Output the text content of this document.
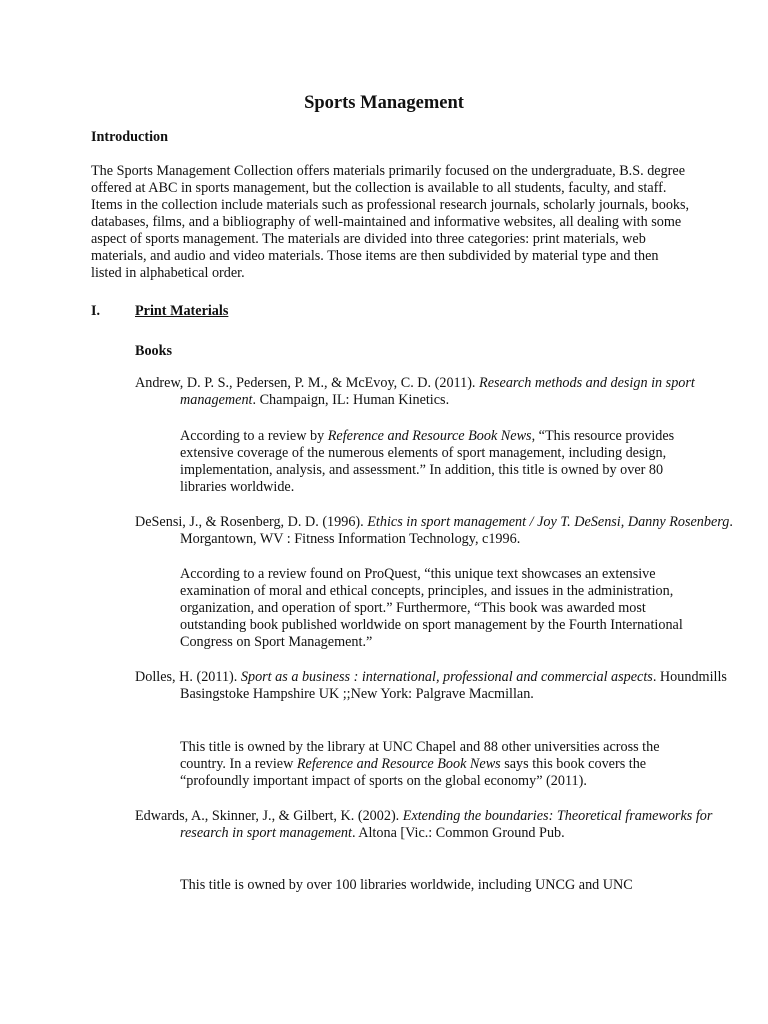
Sports Management

Introduction

The Sports Management Collection offers materials primarily focused on the undergraduate, B.S. degree offered at ABC in sports management, but the collection is available to all students, faculty, and staff. Items in the collection include materials such as professional research journals, scholarly journals, books, databases, films, and a bibliography of well-maintained and informative websites, all dealing with some aspect of sports management. The materials are divided into three categories: print materials, web materials, and audio and video materials. Those items are then subdivided by material type and then listed in alphabetical order.

I. Print Materials

Books

Andrew, D. P. S., Pedersen, P. M., & McEvoy, C. D. (2011). Research methods and design in sport management. Champaign, IL: Human Kinetics.

According to a review by Reference and Resource Book News, “This resource provides extensive coverage of the numerous elements of sport management, including design, implementation, analysis, and assessment.” In addition, this title is owned by over 80 libraries worldwide.

DeSensi, J., & Rosenberg, D. D. (1996). Ethics in sport management / Joy T. DeSensi, Danny Rosenberg. Morgantown, WV : Fitness Information Technology, c1996.

According to a review found on ProQuest, “this unique text showcases an extensive examination of moral and ethical concepts, principles, and issues in the administration, organization, and operation of sport.” Furthermore, “This book was awarded most outstanding book published worldwide on sport management by the Fourth International Congress on Sport Management.”

Dolles, H. (2011). Sport as a business : international, professional and commercial aspects. Houndmills Basingstoke Hampshire UK ;;New York: Palgrave Macmillan.

This title is owned by the library at UNC Chapel and 88 other universities across the country. In a review Reference and Resource Book News says this book covers the “profoundly important impact of sports on the global economy” (2011).

Edwards, A., Skinner, J., & Gilbert, K. (2002). Extending the boundaries: Theoretical frameworks for research in sport management. Altona [Vic.: Common Ground Pub.

This title is owned by over 100 libraries worldwide, including UNCG and UNC
